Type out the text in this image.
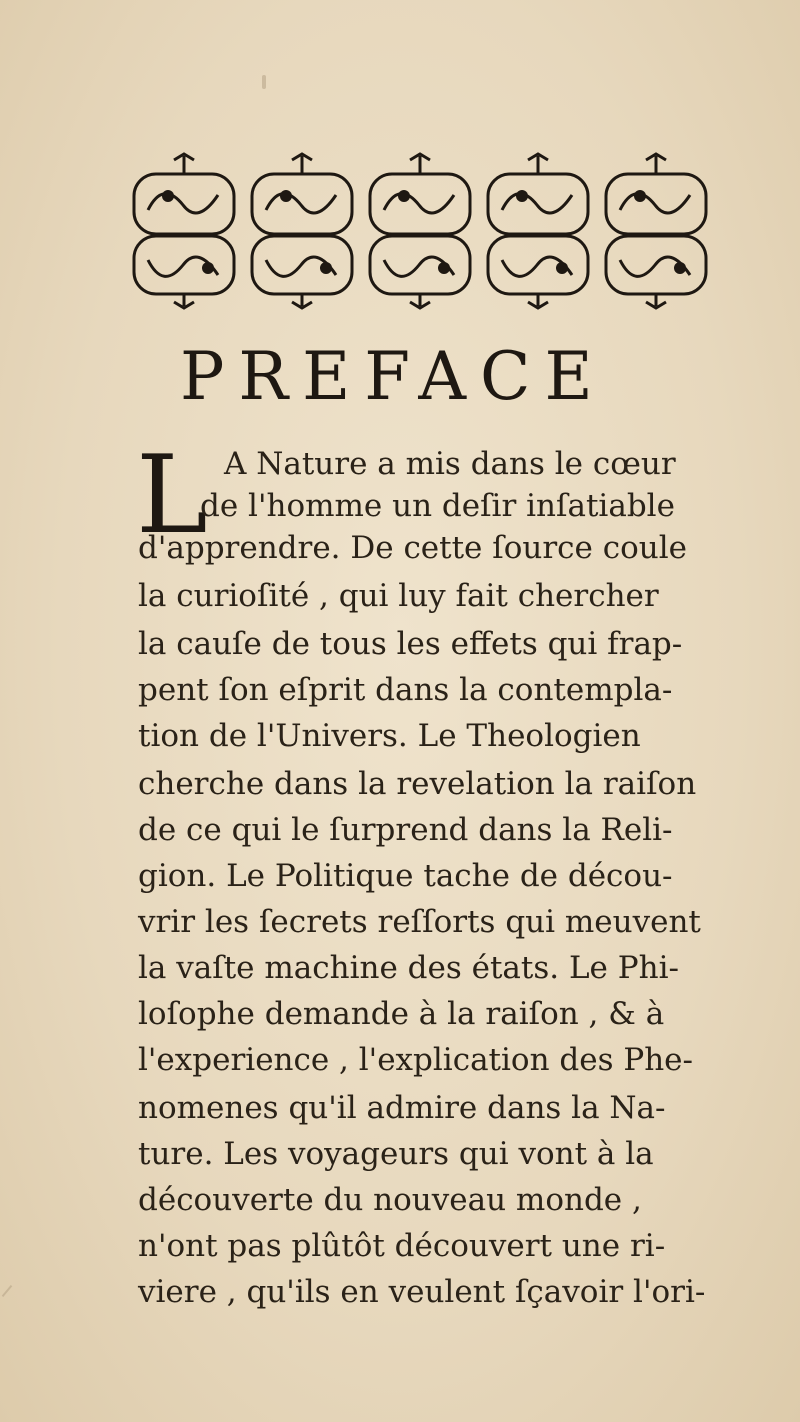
PREFACE
L A Nature a mis dans le cœur
de l'homme un deſir inſatiable
d'apprendre. De cette ſource coule
la curioſité , qui luy fait chercher
la cauſe de tous les effets qui frap-
pent ſon eſprit dans la contempla-
tion de l'Univers. Le Theologien
cherche dans la revelation la raiſon
de ce qui le ſurprend dans la Reli-
gion. Le Politique tache de décou-
vrir les ſecrets reſſorts qui meuvent
la vaſte machine des états. Le Phi-
loſophe demande à la raiſon , & à
l'experience , l'explication des Phe-
nomenes qu'il admire dans la Na-
ture. Les voyageurs qui vont à la
découverte du nouveau monde ,
n'ont pas plûtôt découvert une ri-
viere , qu'ils en veulent ſçavoir l'ori-
